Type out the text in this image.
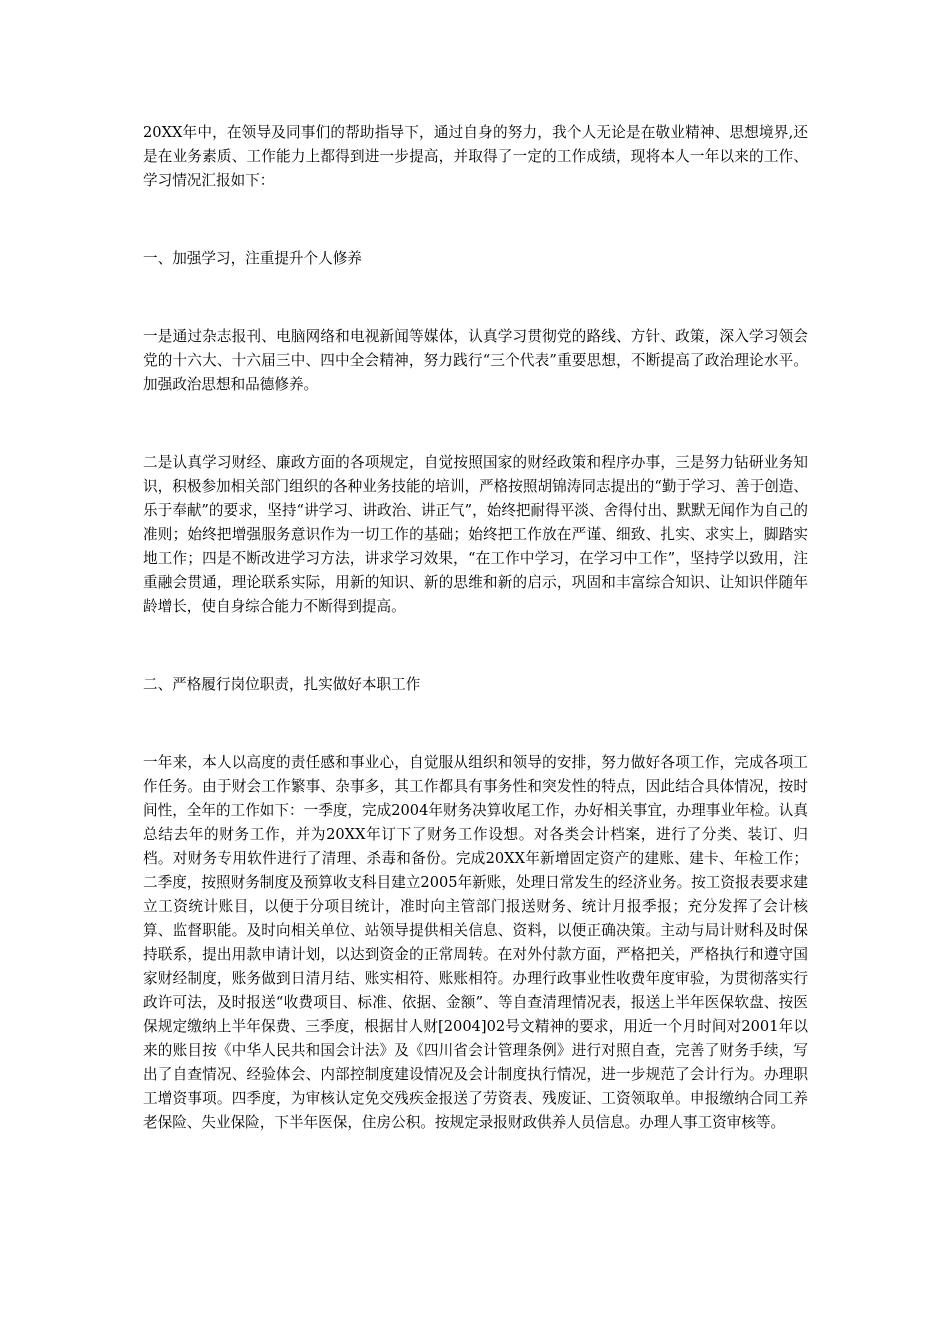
20XX年中，在领导及同事们的帮助指导下，通过自身的努力，我个人无论是在敬业精神、思想境界,还是在业务素质、工作能力上都得到进一步提高，并取得了一定的工作成绩，现将本人一年以来的工作、学习情况汇报如下：

一、加强学习，注重提升个人修养

一是通过杂志报刊、电脑网络和电视新闻等媒体，认真学习贯彻党的路线、方针、政策，深入学习领会党的十六大、十六届三中、四中全会精神，努力践行“三个代表”重要思想，不断提高了政治理论水平。加强政治思想和品德修养。

二是认真学习财经、廉政方面的各项规定，自觉按照国家的财经政策和程序办事，三是努力钻研业务知识，积极参加相关部门组织的各种业务技能的培训，严格按照胡锦涛同志提出的“勤于学习、善于创造、乐于奉献”的要求，坚持“讲学习、讲政治、讲正气”，始终把耐得平淡、舍得付出、默默无闻作为自己的准则；始终把增强服务意识作为一切工作的基础；始终把工作放在严谨、细致、扎实、求实上，脚踏实地工作；四是不断改进学习方法，讲求学习效果，“在工作中学习，在学习中工作”，坚持学以致用，注重融会贯通，理论联系实际，用新的知识、新的思维和新的启示，巩固和丰富综合知识、让知识伴随年龄增长，使自身综合能力不断得到提高。

二、严格履行岗位职责，扎实做好本职工作

一年来，本人以高度的责任感和事业心，自觉服从组织和领导的安排，努力做好各项工作，完成各项工作任务。由于财会工作繁事、杂事多，其工作都具有事务性和突发性的特点，因此结合具体情况，按时间性，全年的工作如下：一季度，完成2004年财务决算收尾工作，办好相关事宜，办理事业年检。认真总结去年的财务工作，并为20XX年订下了财务工作设想。对各类会计档案，进行了分类、装订、归档。对财务专用软件进行了清理、杀毒和备份。完成20XX年新增固定资产的建账、建卡、年检工作；二季度，按照财务制度及预算收支科目建立2005年新账，处理日常发生的经济业务。按工资报表要求建立工资统计账目，以便于分项目统计，准时向主管部门报送财务、统计月报季报；充分发挥了会计核算、监督职能。及时向相关单位、站领导提供相关信息、资料，以便正确决策。主动与局计财科及时保持联系，提出用款申请计划，以达到资金的正常周转。在对外付款方面，严格把关，严格执行和遵守国家财经制度，账务做到日清月结、账实相符、账账相符。办理行政事业性收费年度审验，为贯彻落实行政许可法，及时报送“收费项目、标准、依据、金额”、等自查清理情况表，报送上半年医保软盘、按医保规定缴纳上半年保费、三季度，根据甘人财[2004]02号文精神的要求，用近一个月时间对2001年以来的账目按《中华人民共和国会计法》及《四川省会计管理条例》进行对照自查，完善了财务手续，写出了自查情况、经验体会、内部控制度建设情况及会计制度执行情况，进一步规范了会计行为。办理职工增资事项。四季度，为审核认定免交残疾金报送了劳资表、残废证、工资领取单。申报缴纳合同工养老保险、失业保险，下半年医保，住房公积。按规定录报财政供养人员信息。办理人事工资审核等。
